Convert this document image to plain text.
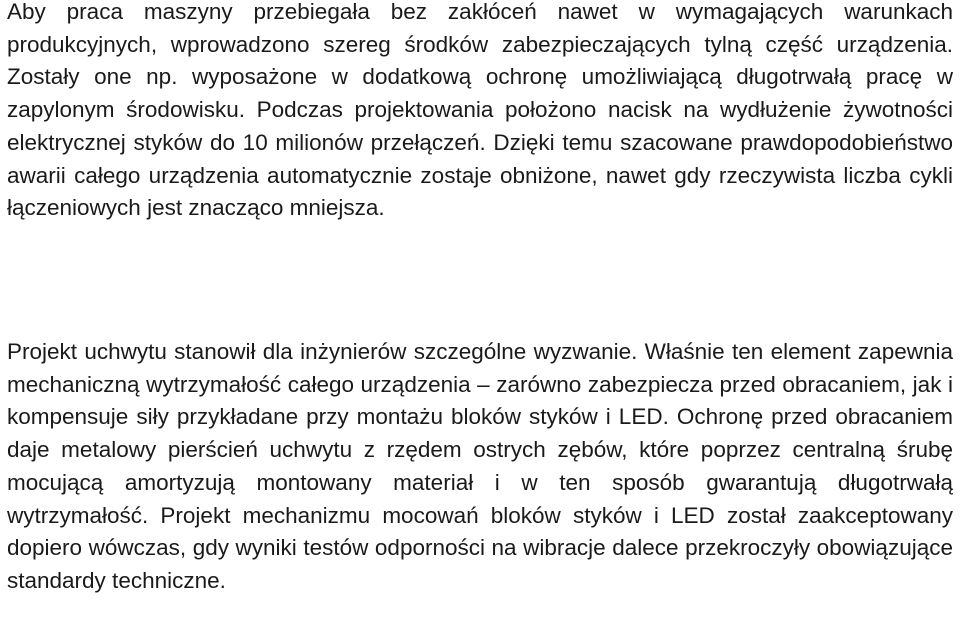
Aby praca maszyny przebiegała bez zakłóceń nawet w wymagających warunkach produkcyjnych, wprowadzono szereg środków zabezpieczających tylną część urządzenia. Zostały one np. wyposażone w dodatkową ochronę umożliwiającą długotrwałą pracę w zapylonym środowisku. Podczas projektowania położono nacisk na wydłużenie żywotności elektrycznej styków do 10 milionów przełączeń. Dzięki temu szacowane prawdopodobieństwo awarii całego urządzenia automatycznie zostaje obniżone, nawet gdy rzeczywista liczba cykli łączeniowych jest znacząco mniejsza.

Projekt uchwytu stanowił dla inżynierów szczególne wyzwanie. Właśnie ten element zapewnia mechaniczną wytrzymałość całego urządzenia – zarówno zabezpiecza przed obracaniem, jak i kompensuje siły przykładane przy montażu bloków styków i LED. Ochronę przed obracaniem daje metalowy pierścień uchwytu z rzędem ostrych zębów, które poprzez centralną śrubę mocującą amortyzują montowany materiał i w ten sposób gwarantują długotrwałą wytrzymałość. Projekt mechanizmu mocowań bloków styków i LED został zaakceptowany dopiero wówczas, gdy wyniki testów odporności na wibracje dalece przekroczyły obowiązujące standardy techniczne.
